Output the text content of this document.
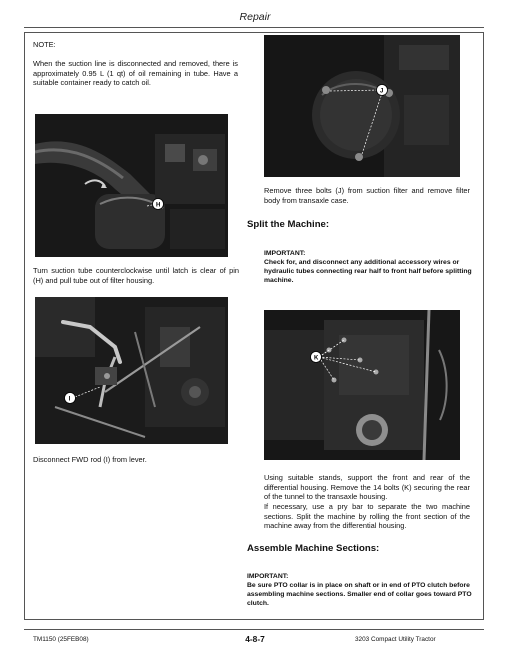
Repair
NOTE:

When the suction line is disconnected and removed, there is approximately 0.95 L (1 qt) of oil remaining in tube. Have a suitable container ready to catch oil.

H

Turn suction tube counterclockwise until latch is clear of pin (H) and pull tube out of filter housing.

I

Disconnect FWD rod (I) from lever.

J

Remove three bolts (J) from suction filter and remove filter body from transaxle case.

Split the Machine:
IMPORTANT:

Check for, and disconnect any additional accessory wires or hydraulic tubes connecting rear half to front half before splitting machine.

K

Using suitable stands, support the front and rear of the differential housing. Remove the 14 bolts (K) securing the rear of the tunnel to the transaxle housing.

If necessary, use a pry bar to separate the two machine sections. Split the machine by rolling the front section of the machine away from the differential housing.

Assemble Machine Sections:
IMPORTANT:

Be sure PTO collar is in place on shaft or in end of PTO clutch before assembling machine sections. Smaller end of collar goes toward PTO clutch.

TM1150 (25FEB08)	4-8-7	3203 Compact Utility Tractor
